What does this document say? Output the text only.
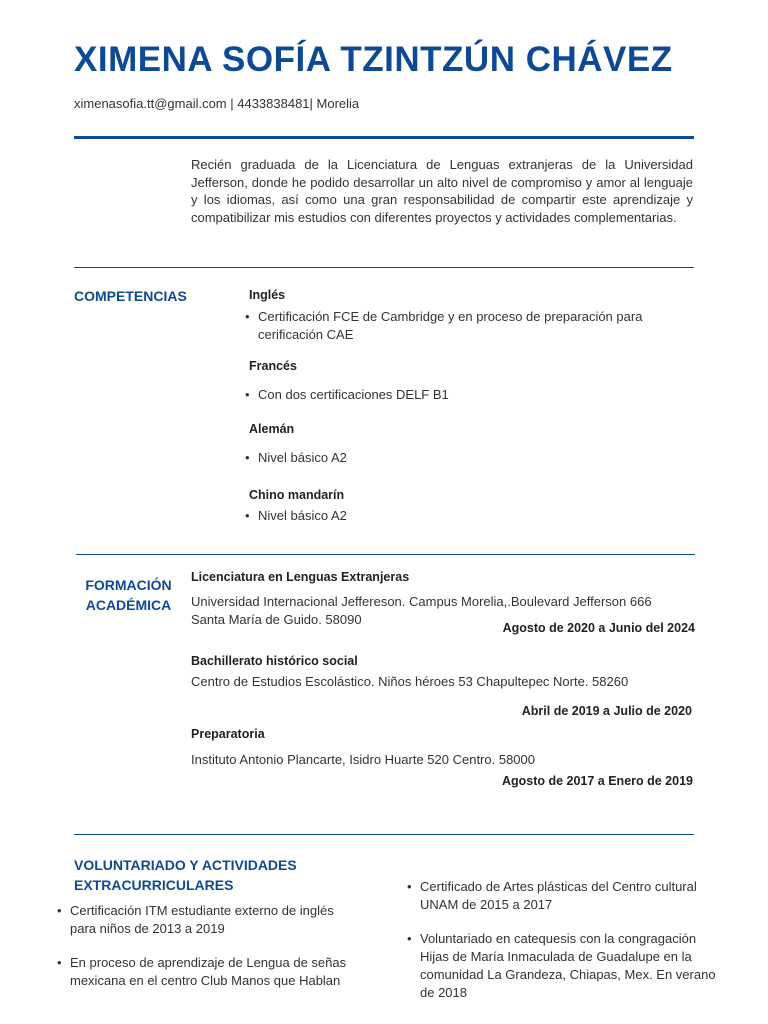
XIMENA SOFÍA TZINTZÚN CHÁVEZ
ximenasofia.tt@gmail.com | 4433838481| Morelia
Recién graduada de la Licenciatura de Lenguas extranjeras de la Universidad Jefferson, donde he podido desarrollar un alto nivel de compromiso y amor al lenguaje y los idiomas, así como una gran responsabilidad de compartir este aprendizaje y compatibilizar mis estudios con diferentes proyectos y actividades complementarias.
COMPETENCIAS	Inglés
• Certificación FCE de Cambridge y en proceso de preparación para cerificación CAE
Francés
• Con dos certificaciones DELF B1
Alemán
• Nivel básico A2
Chino mandarín
• Nivel básico A2
FORMACIÓN
ACADÉMICA
Licenciatura en Lenguas Extranjeras
Universidad Internacional Jeffereson. Campus Morelia,.Boulevard Jefferson 666 Santa María de Guido. 58090
Agosto de 2020 a Junio del 2024
Bachillerato histórico social
Centro de Estudios Escolástico. Niños héroes 53 Chapultepec Norte. 58260
Abril de 2019 a Julio de 2020
Preparatoria
Instituto Antonio Plancarte, Isidro Huarte 520 Centro. 58000
Agosto de 2017 a Enero de 2019
VOLUNTARIADO Y ACTIVIDADES
EXTRACURRICULARES
• Certificación ITM estudiante externo de inglés para niños de 2013 a 2019
• En proceso de aprendizaje de Lengua de señas mexicana en el centro Club Manos que Hablan
• Certificado de Artes plásticas del Centro cultural UNAM de 2015 a 2017
• Voluntariado en catequesis con la congragación Hijas de María Inmaculada de Guadalupe en la comunidad La Grandeza, Chiapas, Mex. En verano de 2018
